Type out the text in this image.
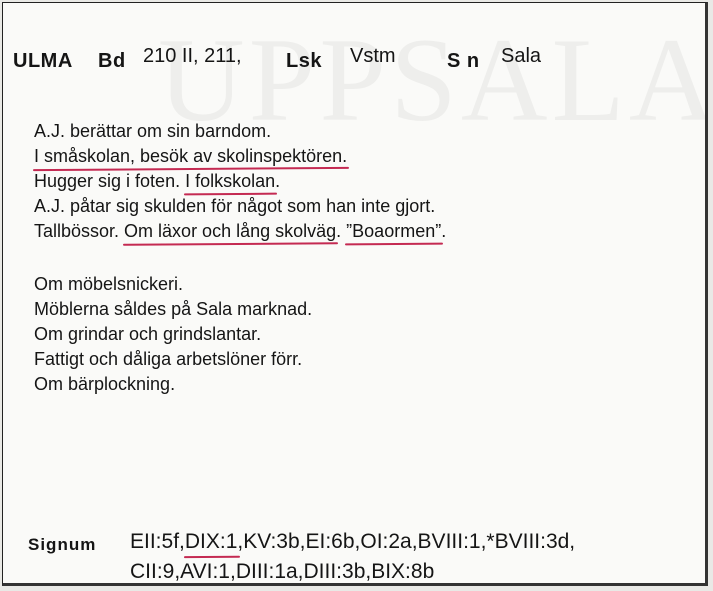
ULMA Bd 210 II, 211, Lsk Vstm	S n Sala
A.J. berättar om sin barndom.
I småskolan, besök av skolinspektören.
Hugger sig i foten. I folkskolan.
A.J. påtar sig skulden för något som han inte gjort.
Tallbössor. Om läxor och lång skolväg. ”Boaormen”.
Om möbelsnickeri.
Möblerna såldes på Sala marknad.
Om grindar och grindslantar.
Fattigt och dåliga arbetslöner förr.
Om bärplockning.
Signum EII:5f,DIX:1,KV:3b,EI:6b,OI:2a,BVIII:1,*BVIII:3d,
CII:9,AVI:1,DIII:1a,DIII:3b,BIX:8b
